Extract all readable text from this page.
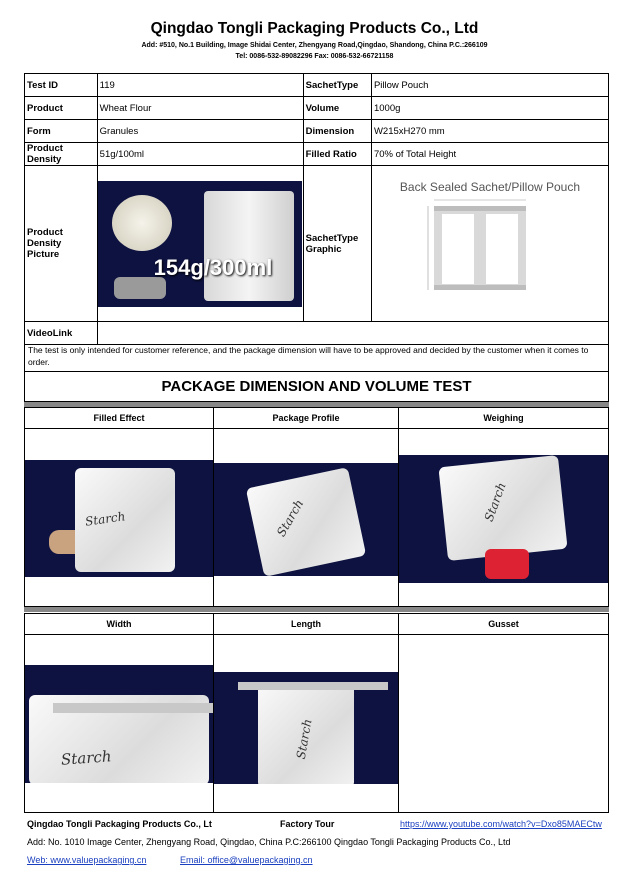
Qingdao Tongli Packaging Products Co., Ltd
Add: #510, No.1 Building, Image Shidai Center, Zhengyang Road,Qingdao, Shandong, China P.C.:266109
Tel: 0086-532-89082296 Fax: 0086-532-66721158
Test ID	119	SachetType	Pillow Pouch
Product	Wheat Flour	Volume	1000g
Form	Granules	Dimension	W215xH270 mm
Product Density	51g/100ml	Filled Ratio	70% of Total Height
Product Density Picture	154g/300ml	SachetType Graphic	Back Sealed Sachet/Pillow Pouch

VideoLink			
The test is only intended for customer reference, and the package dimension will have to be approved and decided by the customer when it comes to order.
PACKAGE DIMENSION AND VOLUME TEST
Filled Effect	Package Profile	Weighing
Starch	Starch	Starch
Width	Length	Gusset
Starch	Starch
Qingdao Tongli Packaging Products Co., Lt	Factory Tour	https://www.youtube.com/watch?v=Dxo85MAECtw
Add: No. 1010 Image Center, Zhengyang Road, Qingdao, China P.C:266100 Qingdao Tongli Packaging Products Co., Ltd
Web: www.valuepackaging.cn	Email: office@valuepackaging.cn
